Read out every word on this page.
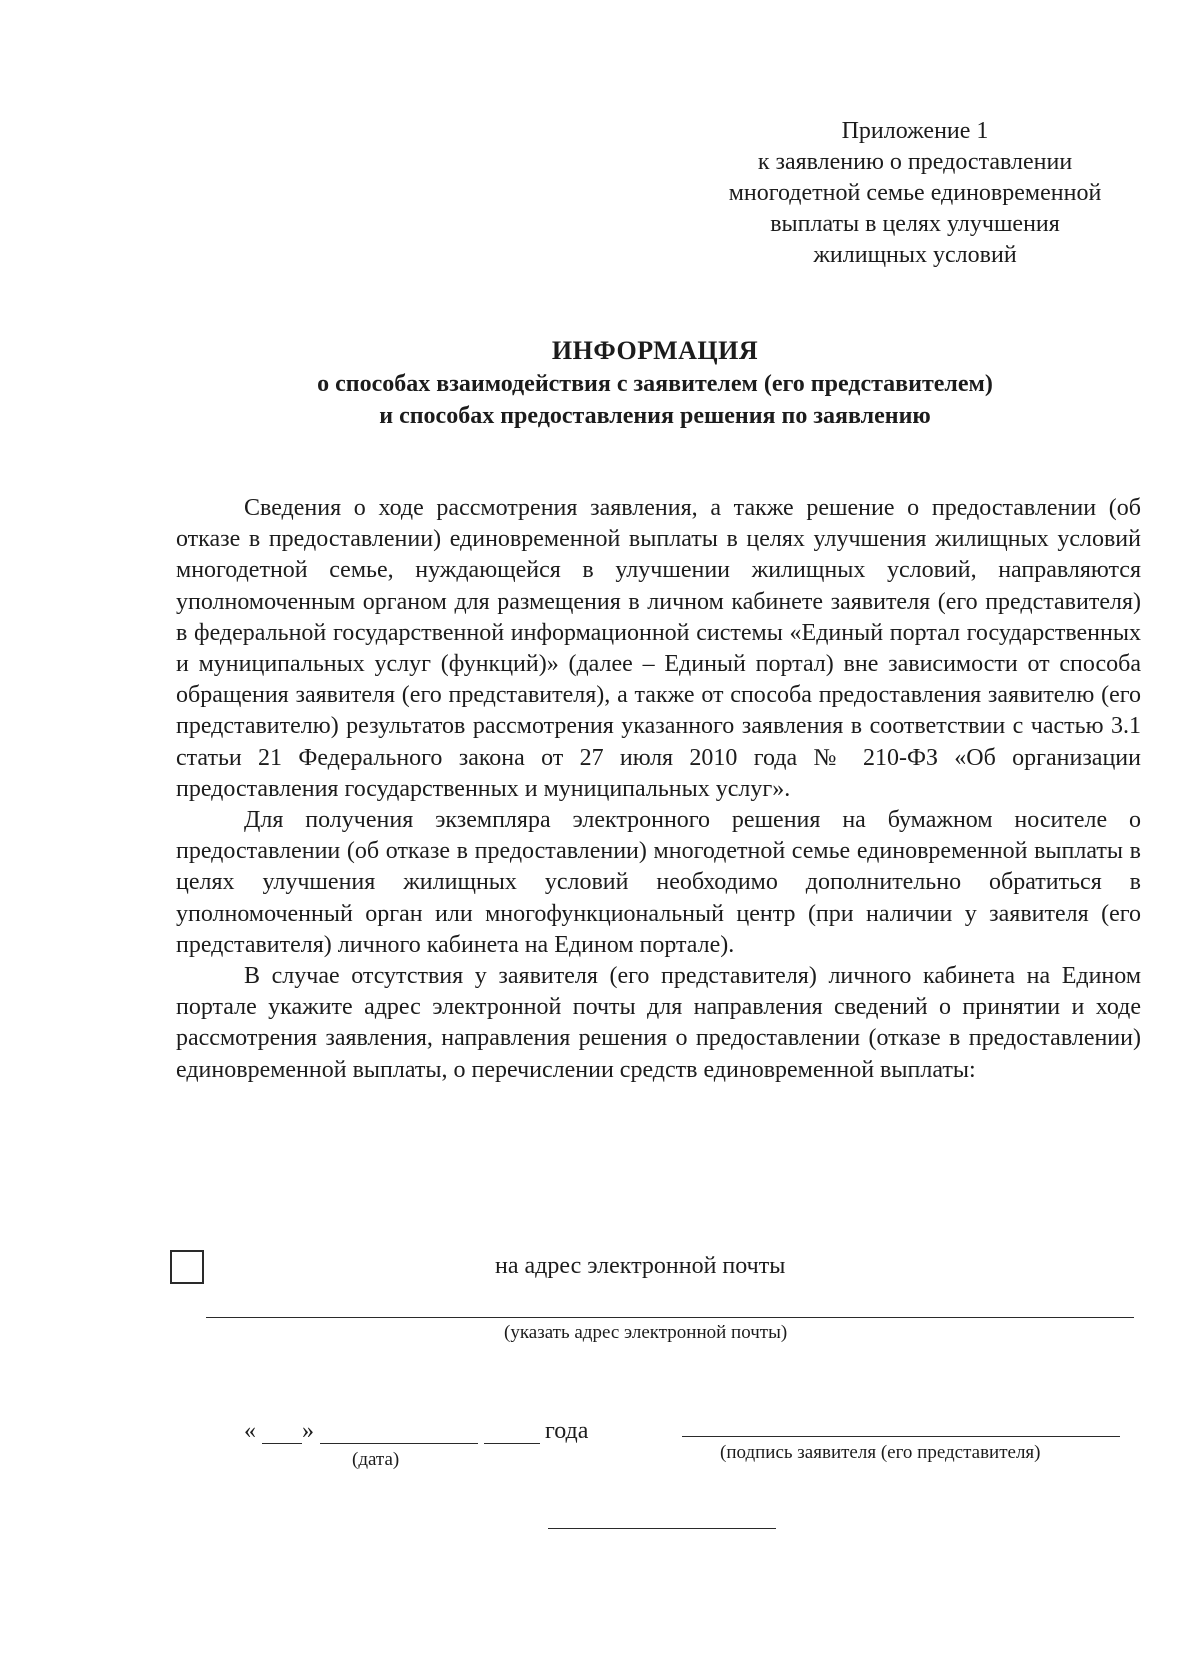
Приложение 1
к заявлению о предоставлении
многодетной семье единовременной
выплаты в целях улучшения
жилищных условий
ИНФОРМАЦИЯ
о способах взаимодействия с заявителем (его представителем)
и способах предоставления решения по заявлению

Сведения о ходе рассмотрения заявления, а также решение о предоставлении (об отказе в предоставлении) единовременной выплаты в целях улучшения жилищных условий многодетной семье, нуждающейся в улучшении жилищных условий, направляются уполномоченным органом для размещения в личном кабинете заявителя (его представителя) в федеральной государственной информационной системы «Единый портал государственных и муниципальных услуг (функций)» (далее – Единый портал) вне зависимости от способа обращения заявителя (его представителя), а также от способа предоставления заявителю (его представителю) результатов рассмотрения указанного заявления в соответствии с частью 3.1 статьи 21 Федерального закона от 27 июля 2010 года № 210-ФЗ «Об организации предоставления государственных и муниципальных услуг».

Для получения экземпляра электронного решения на бумажном носителе о предоставлении (об отказе в предоставлении) многодетной семье единовременной выплаты в целях улучшения жилищных условий необходимо дополнительно обратиться в уполномоченный орган или многофункциональный центр (при наличии у заявителя (его представителя) личного кабинета на Едином портале).

В случае отсутствия у заявителя (его представителя) личного кабинета на Едином портале укажите адрес электронной почты для направления сведений о принятии и ходе рассмотрения заявления, направления решения о предоставлении (отказе в предоставлении) единовременной выплаты, о перечислении средств единовременной выплаты:

на адрес электронной почты
(указать адрес электронной почты)
« »	года
(дата)	(подпись заявителя (его представителя)
